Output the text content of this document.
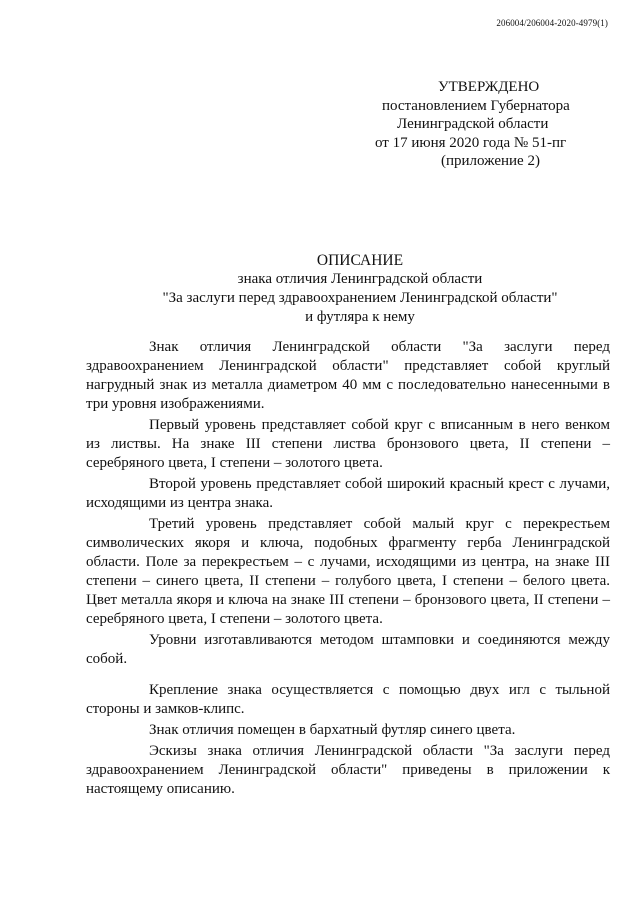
206004/206004-2020-4979(1)
УТВЕРЖДЕНО
постановлением Губернатора
Ленинградской области
от 17 июня 2020 года № 51-пг
(приложение 2)
ОПИСАНИЕ
знака отличия Ленинградской области
"За заслуги перед здравоохранением Ленинградской области"
и футляра к нему

Знак отличия Ленинградской области "За заслуги перед здравоохранением Ленинградской области" представляет собой круглый нагрудный знак из металла диаметром 40 мм с последовательно нанесенными в три уровня изображениями.

Первый уровень представляет собой круг с вписанным в него венком из листвы. На знаке III степени листва бронзового цвета, II степени – серебряного цвета, I степени – золотого цвета.

Второй уровень представляет собой широкий красный крест с лучами, исходящими из центра знака.

Третий уровень представляет собой малый круг с перекрестьем символических якоря и ключа, подобных фрагменту герба Ленинградской области. Поле за перекрестьем – с лучами, исходящими из центра, на знаке III степени – синего цвета, II степени – голубого цвета, I степени – белого цвета. Цвет металла якоря и ключа на знаке III степени – бронзового цвета, II степени – серебряного цвета, I степени – золотого цвета.

Уровни изготавливаются методом штамповки и соединяются между собой.

Крепление знака осуществляется с помощью двух игл с тыльной стороны и замков-клипс.

Знак отличия помещен в бархатный футляр синего цвета.

Эскизы знака отличия Ленинградской области "За заслуги перед здравоохранением Ленинградской области" приведены в приложении к настоящему описанию.
